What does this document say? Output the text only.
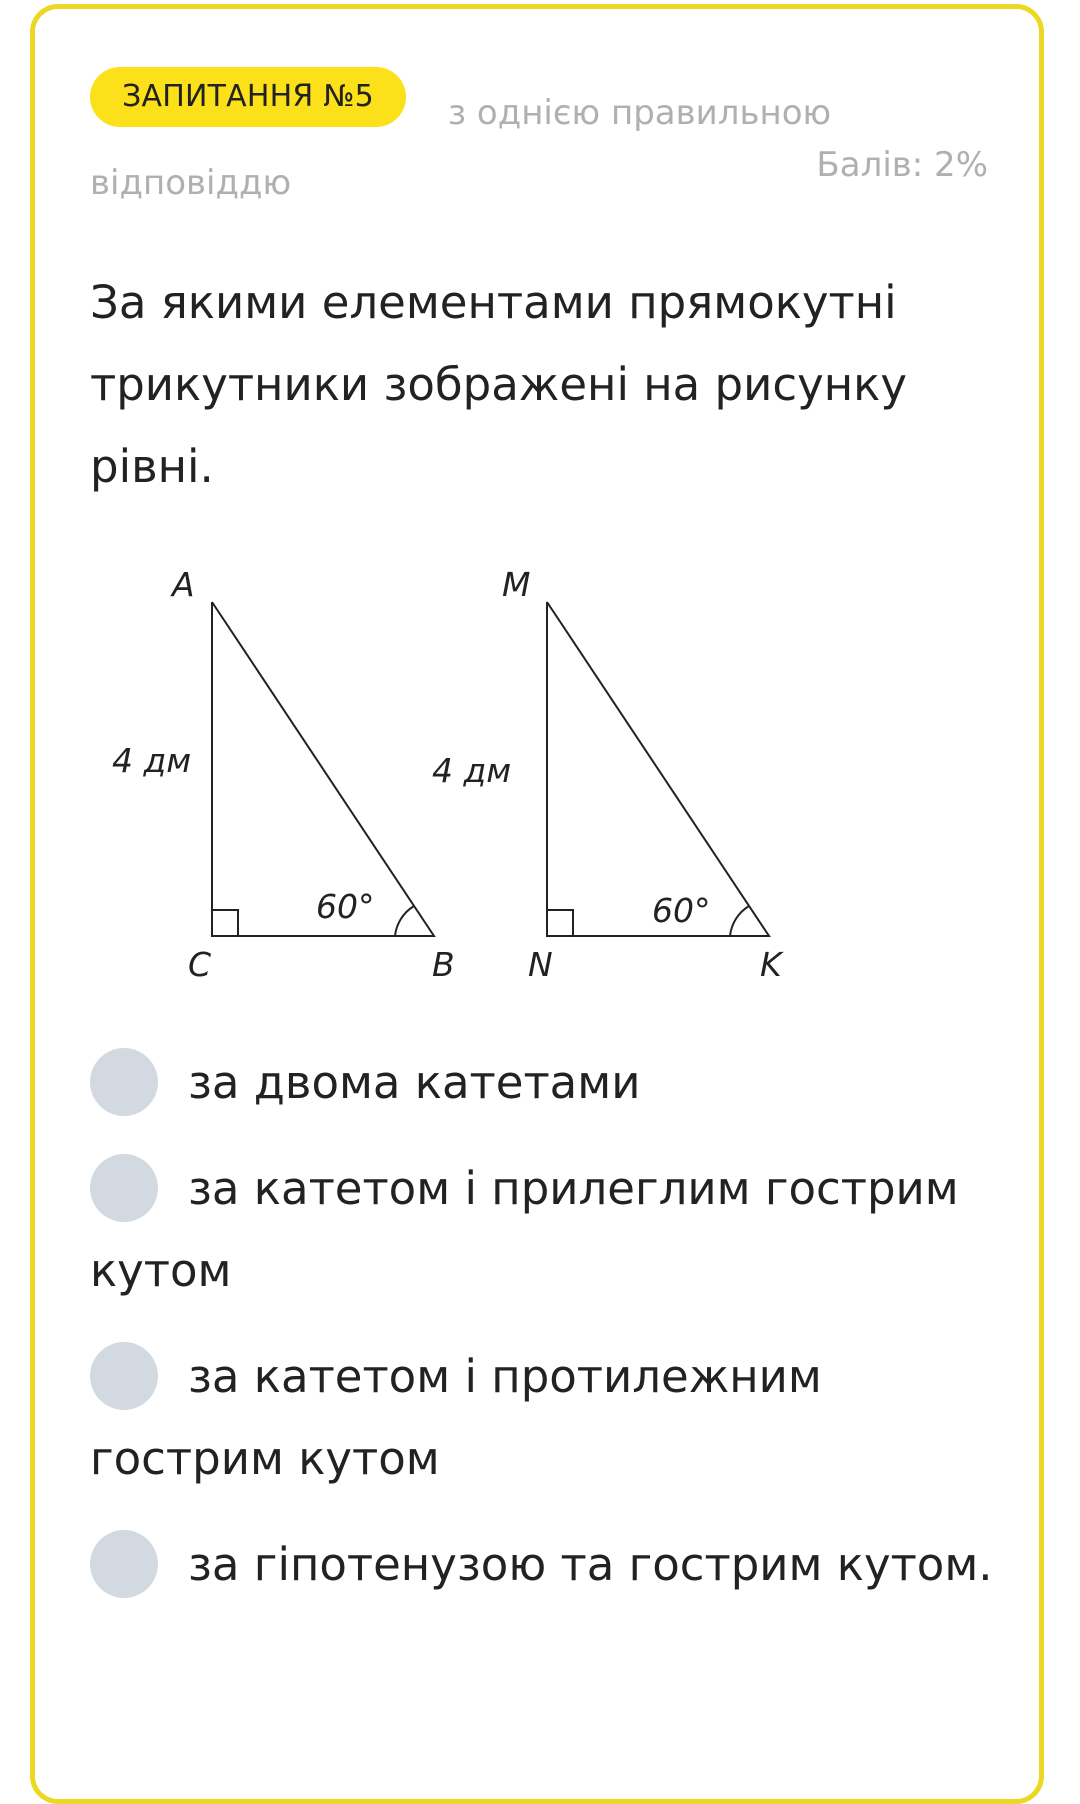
ЗАПИТАННЯ №5	з однією правильною відповіддю	Балів: 2%
За якими елементами прямокутні трикутники зображені на рисунку рівні.
A
C	B
4 дм
60°
M
N	K
4 дм
60°
за двома катетами
за катетом і прилеглим гострим кутом
за катетом і протилежним гострим кутом
за гіпотенузою та гострим кутом.
